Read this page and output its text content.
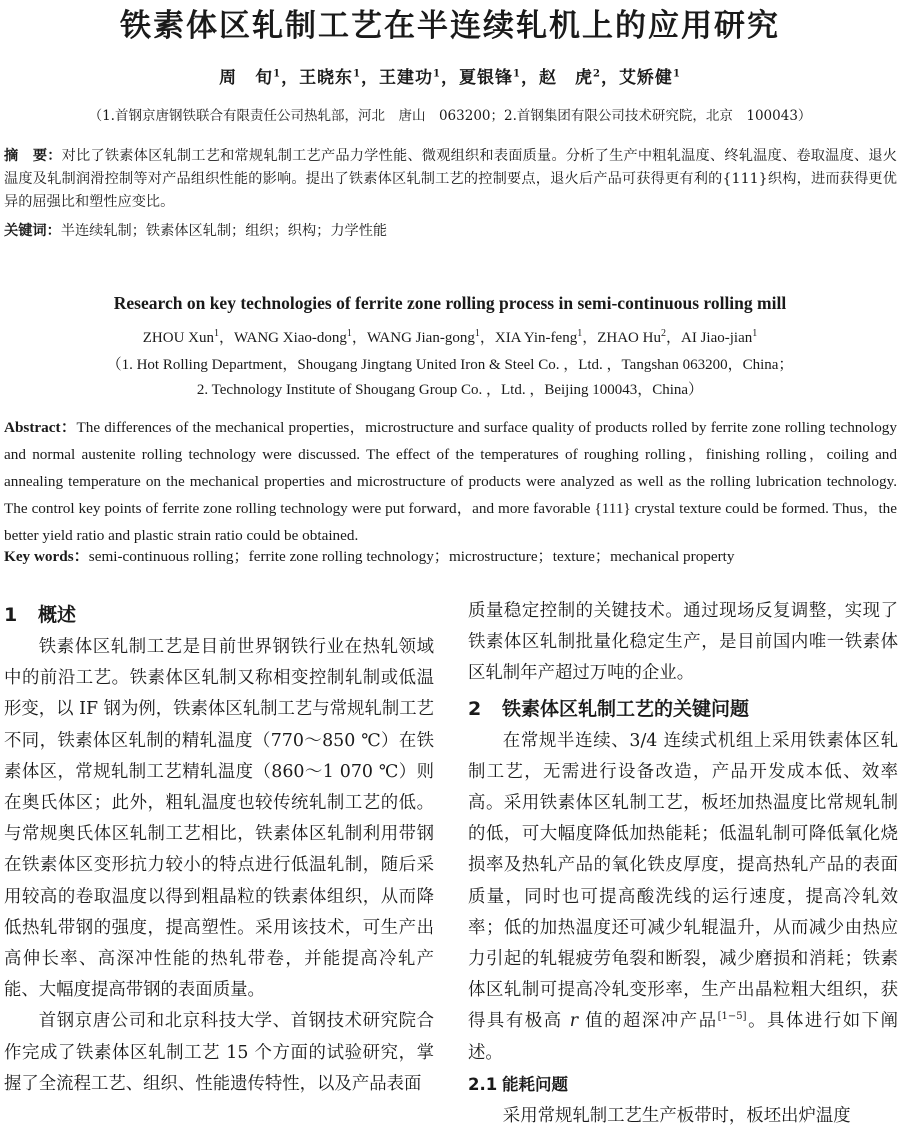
铁素体区轧制工艺在半连续轧机上的应用研究
周　旬$^1$，王晓东$^1$，王建功$^1$，夏银锋$^1$，赵　虎$^2$，艾矫健$^1$
（1.首钢京唐钢铁联合有限责任公司热轧部，河北　唐山　063200；2.首钢集团有限公司技术研究院，北京　100043）
摘　要：对比了铁素体区轧制工艺和常规轧制工艺产品力学性能、微观组织和表面质量。分析了生产中粗轧温度、终轧温度、卷取温度、退火温度及轧制润滑控制等对产品组织性能的影响。提出了铁素体区轧制工艺的控制要点，退火后产品可获得更有利的{111}织构，进而获得更优异的屈强比和塑性应变比。
关键词：半连续轧制；铁素体区轧制；组织；织构；力学性能
Research on key technologies of ferrite zone rolling process in semi-continuous rolling mill
ZHOU Xun$^1$，WANG Xiao-dong$^1$，WANG Jian-gong$^1$，XIA Yin-feng$^1$，ZHAO Hu$^2$，AI Jiao-jian$^1$
（1. Hot Rolling Department，Shougang Jingtang United Iron & Steel Co. ，Ltd. ，Tangshan 063200，China；
2. Technology Institute of Shougang Group Co. ，Ltd. ，Beijing 100043，China）
Abstract：The differences of the mechanical properties，microstructure and surface quality of products rolled by ferrite zone rolling technology and normal austenite rolling technology were discussed. The effect of the temperatures of roughing rolling，finishing rolling，coiling and annealing temperature on the mechanical properties and microstructure of products were analyzed as well as the rolling lubrication technology. The control key points of ferrite zone rolling technology were put forward，and more favorable {111} crystal texture could be formed. Thus，the better yield ratio and plastic strain ratio could be obtained.
Key words：semi-continuous rolling；ferrite zone rolling technology；microstructure；texture；mechanical property
1 概述

铁素体区轧制工艺是目前世界钢铁行业在热轧领域中的前沿工艺。铁素体区轧制又称相变控制轧制或低温形变，以 IF 钢为例，铁素体区轧制工艺与常规轧制工艺不同，铁素体区轧制的精轧温度（770～850 ℃）在铁素体区，常规轧制工艺精轧温度（860～1 070 ℃）则在奥氏体区；此外，粗轧温度也较传统轧制工艺的低。与常规奥氏体区轧制工艺相比，铁素体区轧制利用带钢在铁素体区变形抗力较小的特点进行低温轧制，随后采用较高的卷取温度以得到粗晶粒的铁素体组织，从而降低热轧带钢的强度，提高塑性。采用该技术，可生产出高伸长率、高深冲性能的热轧带卷，并能提高冷轧产能、大幅度提高带钢的表面质量。

首钢京唐公司和北京科技大学、首钢技术研究院合作完成了铁素体区轧制工艺 15 个方面的试验研究，掌握了全流程工艺、组织、性能遗传特性，以及产品表面

质量稳定控制的关键技术。通过现场反复调整，实现了铁素体区轧制批量化稳定生产，是目前国内唯一铁素体区轧制年产超过万吨的企业。

2 铁素体区轧制工艺的关键问题

在常规半连续、3/4 连续式机组上采用铁素体区轧制工艺，无需进行设备改造，产品开发成本低、效率高。采用铁素体区轧制工艺，板坯加热温度比常规轧制的低，可大幅度降低加热能耗；低温轧制可降低氧化烧损率及热轧产品的氧化铁皮厚度，提高热轧产品的表面质量，同时也可提高酸洗线的运行速度，提高冷轧效率；低的加热温度还可减少轧辊温升，从而减少由热应力引起的轧辊疲劳龟裂和断裂，减少磨损和消耗；铁素体区轧制可提高冷轧变形率，生产出晶粒粗大组织，获得具有极高 r 值的超深冲产品[1−5]。具体进行如下阐述。

2.1 能耗问题

采用常规轧制工艺生产板带时，板坯出炉温度
